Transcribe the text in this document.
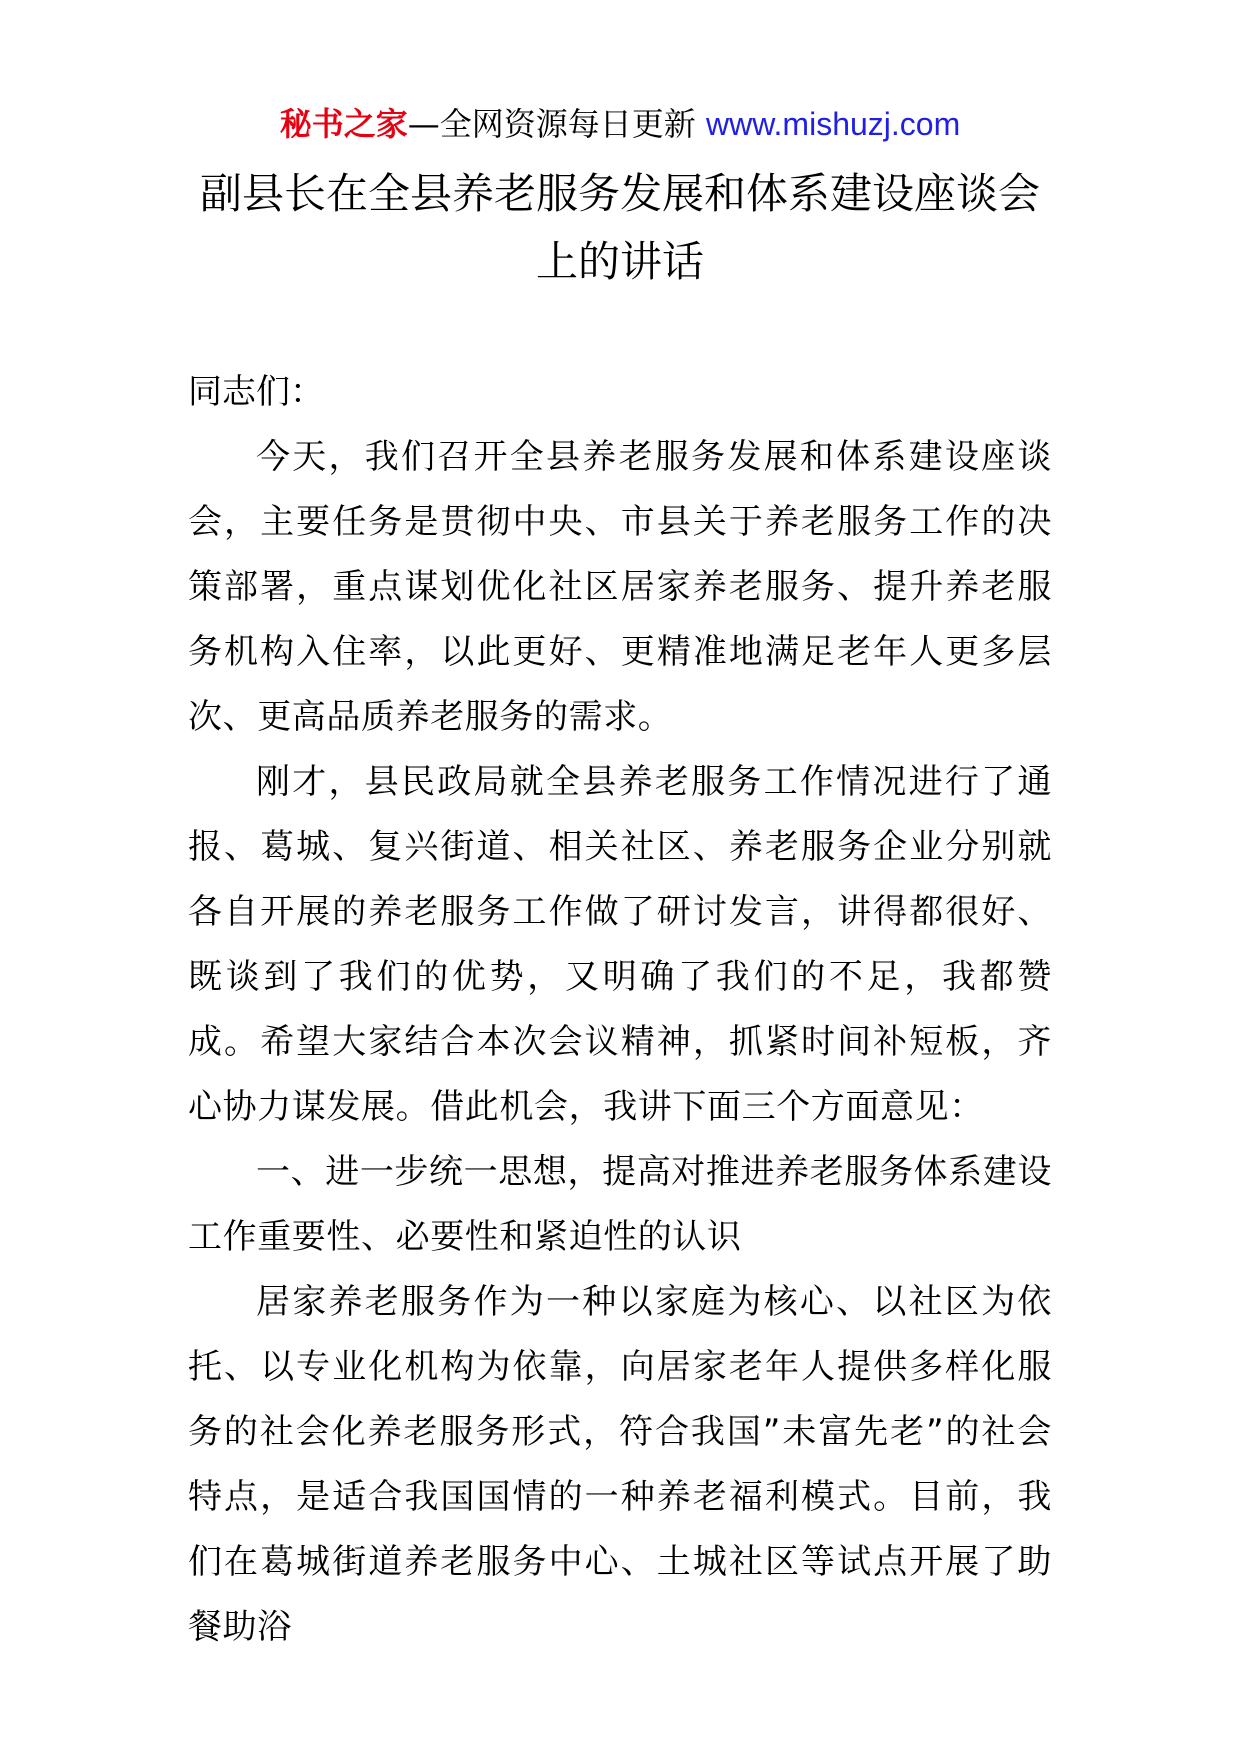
秘书之家—全网资源每日更新 www.mishuzj.com
副县长在全县养老服务发展和体系建设座谈会
上的讲话

同志们：

今天，我们召开全县养老服务发展和体系建设座谈会，主要任务是贯彻中央、市县关于养老服务工作的决策部署，重点谋划优化社区居家养老服务、提升养老服务机构入住率，以此更好、更精准地满足老年人更多层次、更高品质养老服务的需求。

刚才，县民政局就全县养老服务工作情况进行了通报、葛城、复兴街道、相关社区、养老服务企业分别就各自开展的养老服务工作做了研讨发言，讲得都很好、既谈到了我们的优势，又明确了我们的不足，我都赞成。希望大家结合本次会议精神，抓紧时间补短板，齐心协力谋发展。借此机会，我讲下面三个方面意见：

一、进一步统一思想，提高对推进养老服务体系建设工作重要性、必要性和紧迫性的认识

居家养老服务作为一种以家庭为核心、以社区为依托、以专业化机构为依靠，向居家老年人提供多样化服务的社会化养老服务形式，符合我国”未富先老”的社会特点，是适合我国国情的一种养老福利模式。目前，我们在葛城街道养老服务中心、土城社区等试点开展了助餐助浴
